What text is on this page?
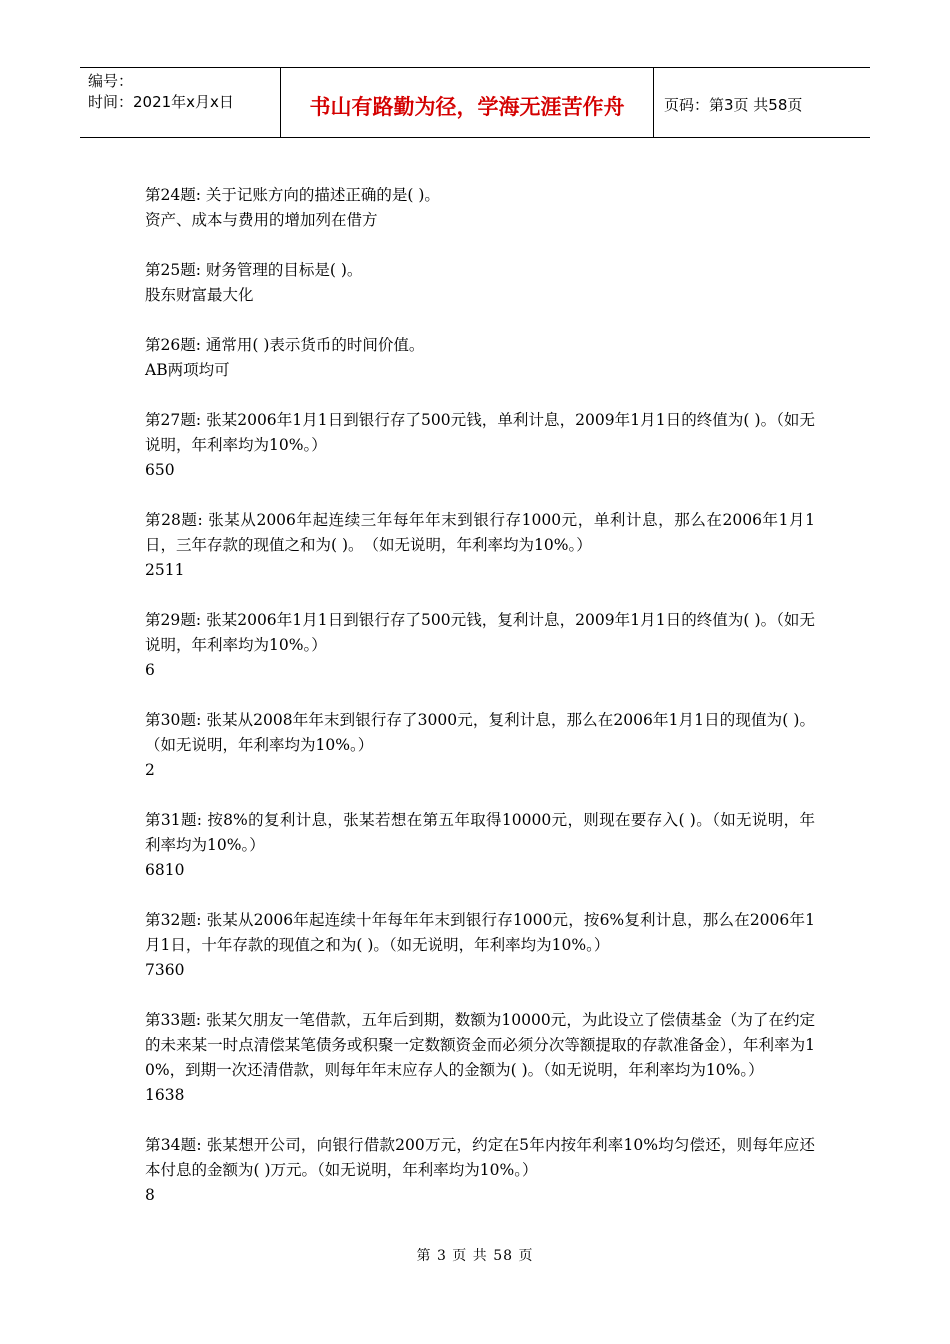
编号：
时间：2021年x月x日	书山有路勤为径，学海无涯苦作舟	页码：第3页 共58页
第24题: 关于记账方向的描述正确的是( )。
资产、成本与费用的增加列在借方
第25题: 财务管理的目标是( )。
股东财富最大化
第26题: 通常用( )表示货币的时间价值。
AB两项均可
第27题: 张某2006年1月1日到银行存了500元钱，单利计息，2009年1月1日的终值为( )。（如无说明，年利率均为10%。）
650
第28题: 张某从2006年起连续三年每年年末到银行存1000元，单利计息，那么在2006年1月1日，三年存款的现值之和为( )。　（如无说明，年利率均为10%。）
2511
第29题: 张某2006年1月1日到银行存了500元钱，复利计息，2009年1月1日的终值为( )。（如无说明，年利率均为10%。）
6
第30题: 张某从2008年年末到银行存了3000元，复利计息，那么在2006年1月1日的现值为( )。（如无说明，年利率均为10%。）
2
第31题: 按8%的复利计息，张某若想在第五年取得10000元，则现在要存入( )。（如无说明，年利率均为10%。）
6810
第32题: 张某从2006年起连续十年每年年末到银行存1000元，按6%复利计息，那么在2006年1月1日，十年存款的现值之和为( )。（如无说明，年利率均为10%。）
7360
第33题: 张某欠朋友一笔借款，五年后到期，数额为10000元，为此设立了偿债基金（为了在约定的未来某一时点清偿某笔债务或积聚一定数额资金而必须分次等额提取的存款准备金），年利率为10%，到期一次还清借款，则每年年末应存人的金额为( )。（如无说明，年利率均为10%。）
1638
第34题: 张某想开公司，向银行借款200万元，约定在5年内按年利率10%均匀偿还，则每年应还本付息的金额为( )万元。（如无说明，年利率均为10%。）
8
第 3 页 共 58 页
